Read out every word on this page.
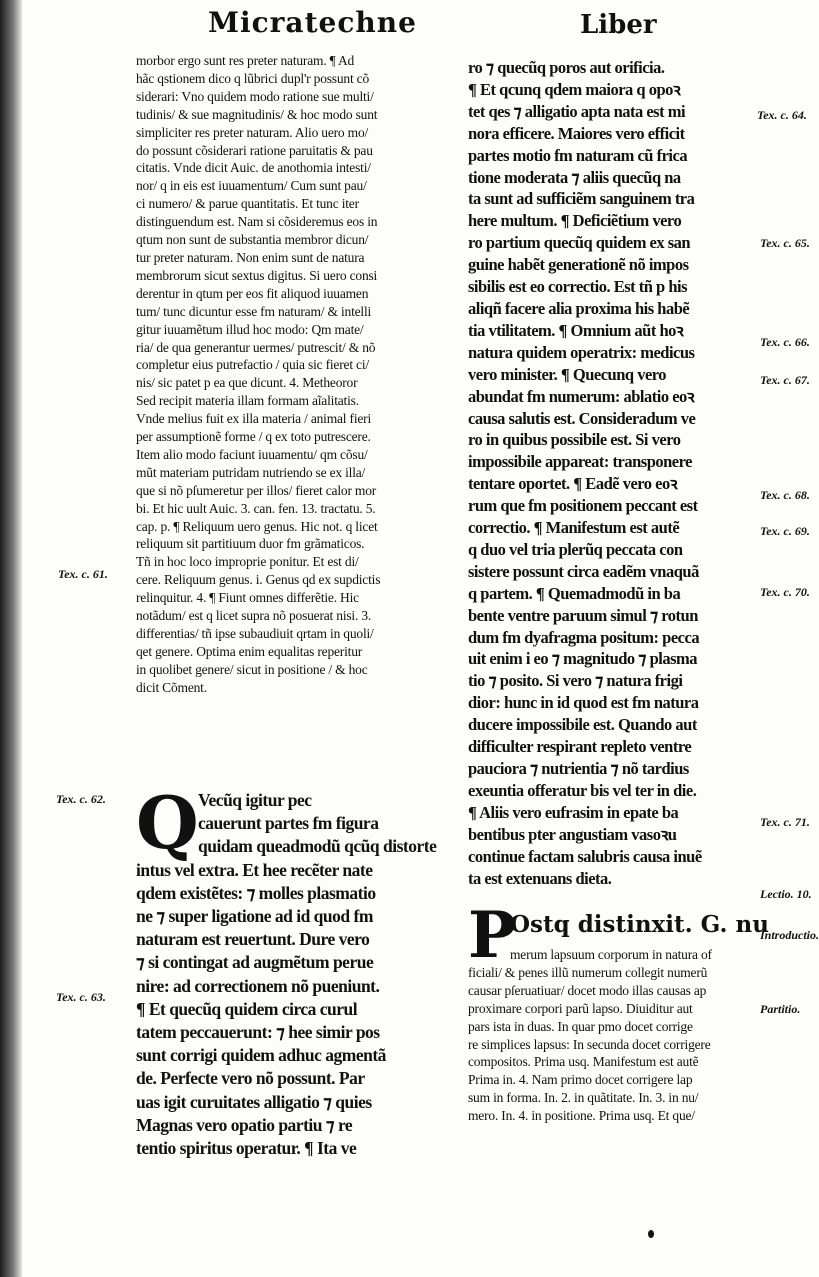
Micratechne	Liber
morbor ergo sunt res preter naturam. ¶ Ad
hãc qstionem dico q lũbrici dupl'r possunt cõ
siderari: Vno quidem modo ratione sue multi/
tudinis/ & sue magnitudinis/ & hoc modo sunt
simpliciter res preter naturam. Alio uero mo/
do possunt cõsiderari ratione paruitatis & pau
citatis. Vnde dicit Auic. de anothomia intesti/
nor/ q in eis est iuuamentum/ Cum sunt pau/
ci numero/ & parue quantitatis. Et tunc iter
distinguendum est. Nam si cõsideremus eos in
qtum non sunt de substantia membror dicun/
tur preter naturam. Non enim sunt de natura
membrorum sicut sextus digitus. Si uero consi
derentur in qtum per eos fit aliquod iuuamen
tum/ tunc dicuntur esse fm naturam/ & intelli
gitur iuuamẽtum illud hoc modo: Qm mate/
ria/ de qua generantur uermes/ putrescit/ & nõ
completur eius putrefactio / quia sic fieret ci/
nis/ sic patet p ea que dicunt. 4. Metheoror
Sed recipit materia illam formam aĩalitatis.
Vnde melius fuit ex illa materia / animal fieri
per assumptionẽ forme / q ex toto putrescere.
Item alio modo faciunt iuuamentu/ qm cõsu/
mũt materiam putridam nutriendo se ex illa/
que si nõ pſumeretur per illos/ fieret calor mor
bi. Et hic uult Auic. 3. can. fen. 13. tractatu. 5.
cap. p. ¶ Reliquum uero genus. Hic not. q licet
reliquum sit partitiuum duor fm grãmaticos.
Tñ in hoc loco improprie ponitur. Et est di/
cere. Reliquum genus. i. Genus qd ex supdictis
relinquitur. 4. ¶ Fiunt omnes differẽtie. Hic
notãdum/ est q licet supra nõ posuerat nisi. 3.
differentias/ tñ ipse subaudiuit qrtam in quoli/
qet genere. Optima enim equalitas reperitur
in quolibet genere/ sicut in positione / & hoc
dicit Cõment.
Q Vecũq igitur pec
cauerunt partes fm figura
quidam queadmodũ qcũq distorte
intus vel extra. Et hee recẽter nate
qdem existẽtes: ⁊ molles plasmatio
ne ⁊ super ligatione ad id quod fm
naturam est reuertunt. Dure vero
⁊ si contingat ad augmẽtum perue
nire: ad correctionem nõ pueniunt.
¶ Et quecũq quidem circa curul
tatem peccauerunt: ⁊ hee simir pos
sunt corrigi quidem adhuc agmentã
de. Perfecte vero nõ possunt. Par
uas igit curuitates alligatio ⁊ quies
Magnas vero opatio partiu ⁊ re
tentio spiritus operatur. ¶ Ita ve
Tex. c. 61.
Tex. c. 62.
Tex. c. 63.
ro ⁊ quecũq poros aut orificia.
¶ Et qcunq qdem maiora q opoꝛ
tet qes ⁊ alligatio apta nata est mi
nora efficere. Maiores vero efficit
partes motio fm naturam cũ frica
tione moderata ⁊ aliis quecũq na
ta sunt ad sufficiẽm sanguinem tra
here multum. ¶ Deficiẽtium vero
ro partium quecũq quidem ex san
guine habẽt generationẽ nõ impos
sibilis est eo correctio. Est tñ p his
aliqñ facere alia proxima his habẽ
tia vtilitatem. ¶ Omnium aũt hoꝛ
natura quidem operatrix: medicus
vero minister. ¶ Quecunq vero
abundat fm numerum: ablatio eoꝛ
causa salutis est. Consideradum ve
ro in quibus possibile est. Si vero
impossibile appareat: transponere
tentare oportet. ¶ Eadẽ vero eoꝛ
rum que fm positionem peccant est
correctio. ¶ Manifestum est autẽ
q duo vel tria plerũq peccata con
sistere possunt circa eadẽm vnaquã
q partem. ¶ Quemadmodũ in ba
bente ventre paruum simul ⁊ rotun
dum fm dyafragma positum: pecca
uit enim i eo ⁊ magnitudo ⁊ plasma
tio ⁊ posito. Si vero ⁊ natura frigi
dior: hunc in id quod est fm natura
ducere impossibile est. Quando aut
difficulter respirant repleto ventre
pauciora ⁊ nutrientia ⁊ nõ tardius
exeuntia offeratur bis vel ter in die.
¶ Aliis vero eufrasim in epate ba
bentibus pter angustiam vasoꝛu
continue factam salubris causa inuẽ
ta est extenuans dieta.
P
Ostq distinxit. G. nu
merum lapsuum corporum in natura of
ficiali/ & penes illũ numerum collegit numerũ
causar pſeruatiuar/ docet modo illas causas ap
proximare corpori parũ lapso. Diuiditur aut
pars ista in duas. In quar pmo docet corrige
re simplices lapsus: In secunda docet corrigere
compositos. Prima usq. Manifestum est autẽ
Prima in. 4. Nam primo docet corrigere lap
sum in forma. In. 2. in quãtitate. In. 3. in nu/
mero. In. 4. in positione. Prima usq. Et que/
Tex. c. 64.
Tex. c. 65.
Tex. c. 66.
Tex. c. 67.
Tex. c. 68.
Tex. c. 69.
Tex. c. 70.
Tex. c. 71.
Lectio. 10.
Introductio.
Partitio.
